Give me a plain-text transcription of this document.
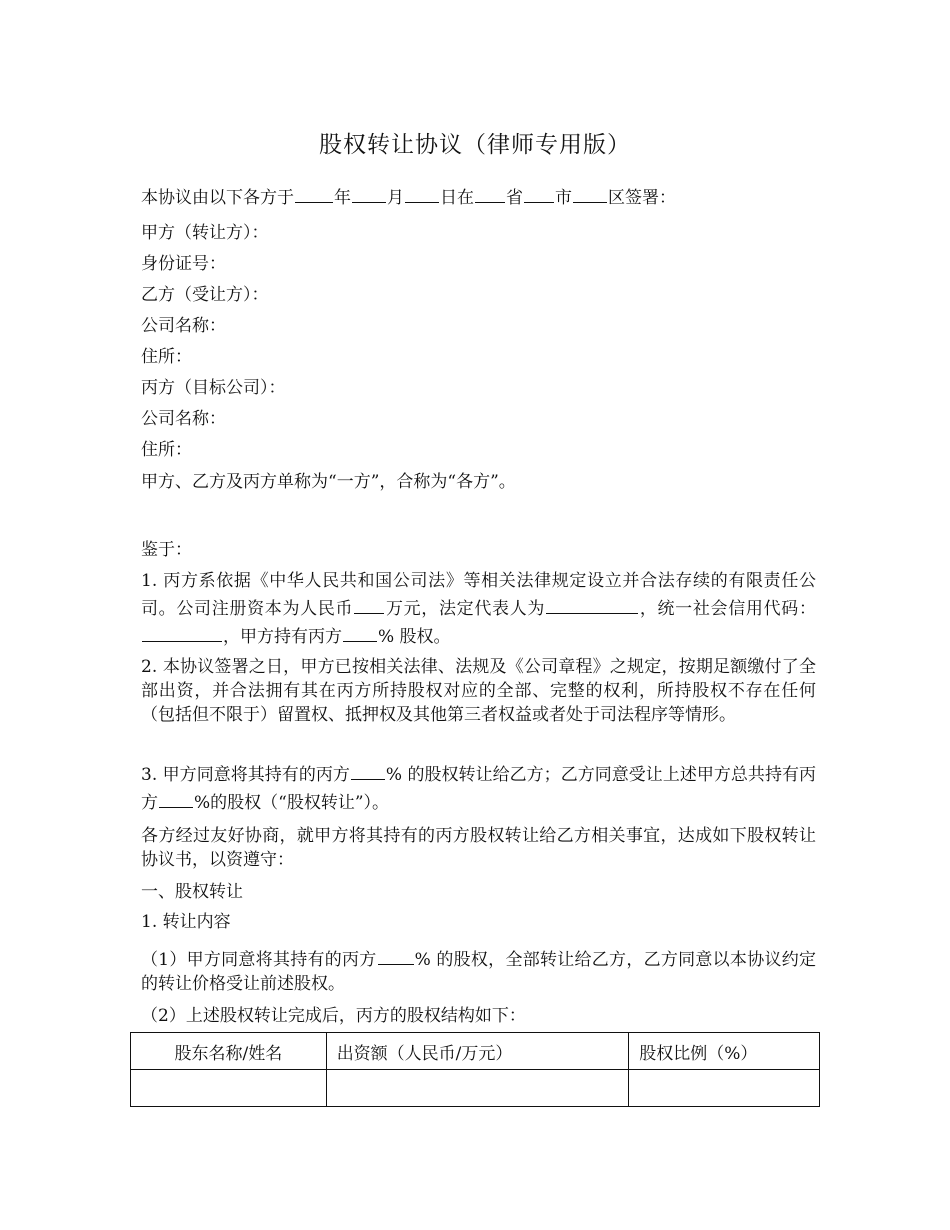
股权转让协议（律师专用版）
本协议由以下各方于 年 月 日在 省 市 区签署：
甲方（转让方）：
身份证号：
乙方（受让方）：
公司名称：
住所：
丙方（目标公司）：
公司名称：
住所：
甲方、乙方及丙方单称为“一方”，合称为“各方”。
鉴于：
1. 丙方系依据《中华人民共和国公司法》等相关法律规定设立并合法存续的有限责任公司。公司注册资本为人民币 万元，法定代表人为	，统一社会信用代码：，甲方持有丙方 % 股权。
2. 本协议签署之日，甲方已按相关法律、法规及《公司章程》之规定，按期足额缴付了全部出资，并合法拥有其在丙方所持股权对应的全部、完整的权利，所持股权不存在任何（包括但不限于）留置权、抵押权及其他第三者权益或者处于司法程序等情形。
3. 甲方同意将其持有的丙方 % 的股权转让给乙方；乙方同意受让上述甲方总共持有丙方 %的股权（“股权转让”）。
各方经过友好协商，就甲方将其持有的丙方股权转让给乙方相关事宜，达成如下股权转让协议书，以资遵守：
一、股权转让
1. 转让内容
（1）甲方同意将其持有的丙方 % 的股权，全部转让给乙方，乙方同意以本协议约定的转让价格受让前述股权。
（2）上述股权转让完成后，丙方的股权结构如下：
股东名称/姓名	出资额（人民币/万元）	股权比例（%）
